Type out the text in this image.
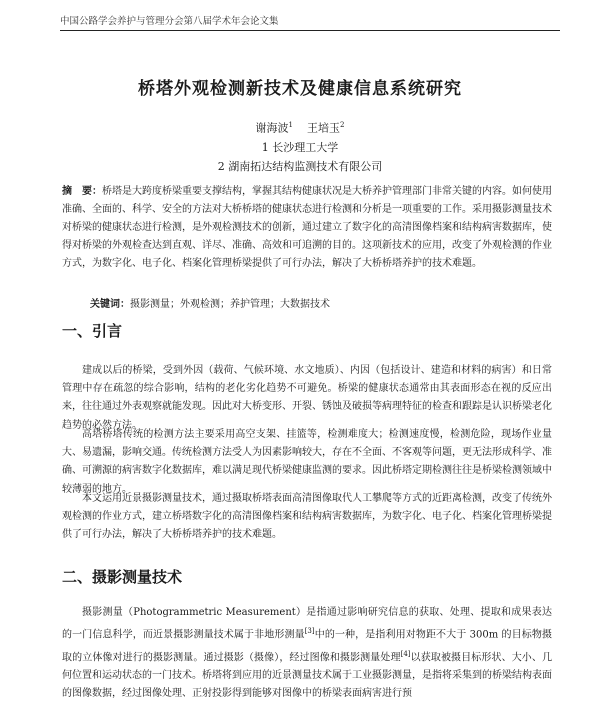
中国公路学会养护与管理分会第八届学术年会论文集
桥塔外观检测新技术及健康信息系统研究
谢海波$^1$ 王培玉$^2$
1 长沙理工大学
2 湖南拓达结构监测技术有限公司
摘　要：桥塔是大跨度桥梁重要支撑结构，掌握其结构健康状况是大桥养护管理部门非常关键的内容。如何使用准确、全面的、科学、安全的方法对大桥桥塔的健康状态进行检测和分析是一项重要的工作。采用摄影测量技术对桥梁的健康状态进行检测，是外观检测技术的创新，通过建立了数字化的高清图像档案和结构病害数据库，使得对桥梁的外观检查达到直观、详尽、准确、高效和可追溯的目的。这项新技术的应用，改变了外观检测的作业方式，为数字化、电子化、档案化管理桥梁提供了可行办法，解决了大桥桥塔养护的技术难题。
关键词：摄影测量；外观检测；养护管理；大数据技术
一、引言
建成以后的桥梁，受到外因（载荷、气候环境、水文地质）、内因（包括设计、建造和材料的病害）和日常管理中存在疏忽的综合影响，结构的老化劣化趋势不可避免。桥梁的健康状态通常由其表面形态在视的反应出来，往往通过外表观察就能发现。因此对大桥变形、开裂、锈蚀及破损等病理特征的检查和跟踪是认识桥梁老化趋势的必然方法。
高塔桥塔传统的检测方法主要采用高空支架、挂篮等，检测难度大；检测速度慢，检测危险，现场作业量大、易遗漏，影响交通。传统检测方法受人为因素影响较大，存在不全面、不客观等问题，更无法形成科学、准确、可溯源的病害数字化数据库，难以满足现代桥梁健康监测的要求。因此桥塔定期检测往往是桥梁检测领域中较薄弱的地方。
本文运用近景摄影测量技术，通过摄取桥塔表面高清图像取代人工攀爬等方式的近距离检测，改变了传统外观检测的作业方式，建立桥塔数字化的高清图像档案和结构病害数据库，为数字化、电子化、档案化管理桥梁提供了可行办法，解决了大桥桥塔养护的技术难题。
二、摄影测量技术
摄影测量（Photogrammetric Measurement）是指通过影响研究信息的获取、处理、提取和成果表达的一门信息科学，而近景摄影测量技术属于非地形测量[3]中的一种，是指利用对物距不大于 300m 的目标物摄取的立体像对进行的摄影测量。通过摄影（摄像），经过图像和摄影测量处理[4]以获取被摄目标形状、大小、几何位置和运动状态的一门技术。桥塔将到应用的近景测量技术属于工业摄影测量，是指将采集到的桥梁结构表面的图像数据，经过图像处理、正射投影得到能够对图像中的桥梁表面病害进行预
